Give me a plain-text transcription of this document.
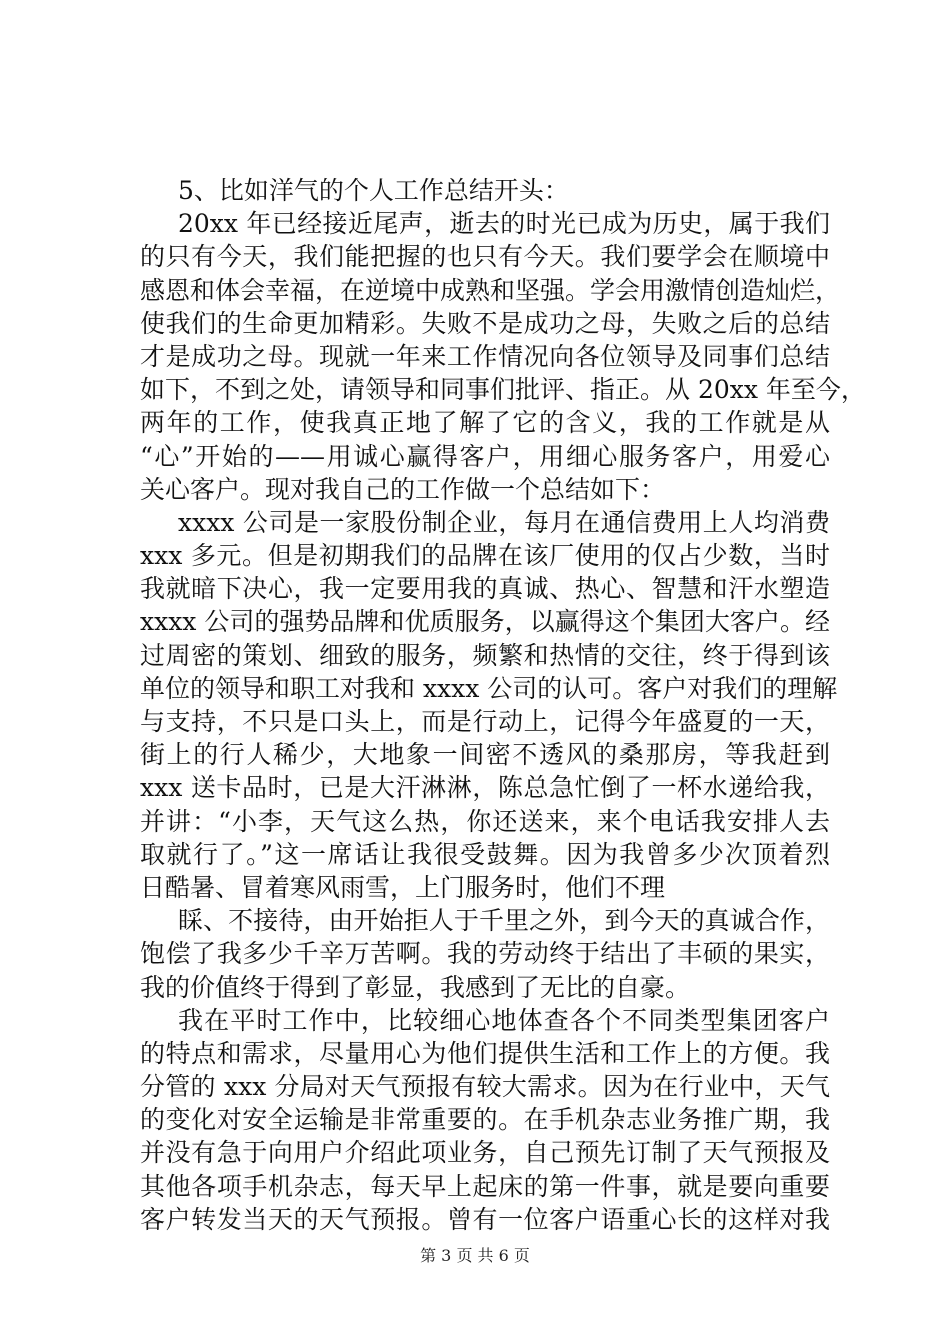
5、比如洋气的个人工作总结开头：
20xx 年已经接近尾声，逝去的时光已成为历史，属于我们
的只有今天，我们能把握的也只有今天。我们要学会在顺境中
感恩和体会幸福，在逆境中成熟和坚强。学会用激情创造灿烂，
使我们的生命更加精彩。失败不是成功之母，失败之后的总结
才是成功之母。现就一年来工作情况向各位领导及同事们总结
如下，不到之处，请领导和同事们批评、指正。从 20xx 年至今，
两年的工作，使我真正地了解了它的含义，我的工作就是从
“心”开始的——用诚心赢得客户，用细心服务客户，用爱心
关心客户。现对我自己的工作做一个总结如下：
xxxx 公司是一家股份制企业，每月在通信费用上人均消费
xxx 多元。但是初期我们的品牌在该厂使用的仅占少数，当时
我就暗下决心，我一定要用我的真诚、热心、智慧和汗水塑造
xxxx 公司的强势品牌和优质服务，以赢得这个集团大客户。经
过周密的策划、细致的服务，频繁和热情的交往，终于得到该
单位的领导和职工对我和 xxxx 公司的认可。客户对我们的理解
与支持，不只是口头上，而是行动上，记得今年盛夏的一天，
街上的行人稀少，大地象一间密不透风的桑那房，等我赶到
xxx 送卡品时，已是大汗淋淋，陈总急忙倒了一杯水递给我，
并讲：“小李，天气这么热，你还送来，来个电话我安排人去
取就行了。”这一席话让我很受鼓舞。因为我曾多少次顶着烈
日酷暑、冒着寒风雨雪，上门服务时，他们不理
睬、不接待，由开始拒人于千里之外，到今天的真诚合作，
饱偿了我多少千辛万苦啊。我的劳动终于结出了丰硕的果实，
我的价值终于得到了彰显，我感到了无比的自豪。
我在平时工作中，比较细心地体查各个不同类型集团客户
的特点和需求，尽量用心为他们提供生活和工作上的方便。我
分管的 xxx 分局对天气预报有较大需求。因为在行业中，天气
的变化对安全运输是非常重要的。在手机杂志业务推广期，我
并没有急于向用户介绍此项业务，自己预先订制了天气预报及
其他各项手机杂志，每天早上起床的第一件事，就是要向重要
客户转发当天的天气预报。曾有一位客户语重心长的这样对我
第 3 页 共 6 页
